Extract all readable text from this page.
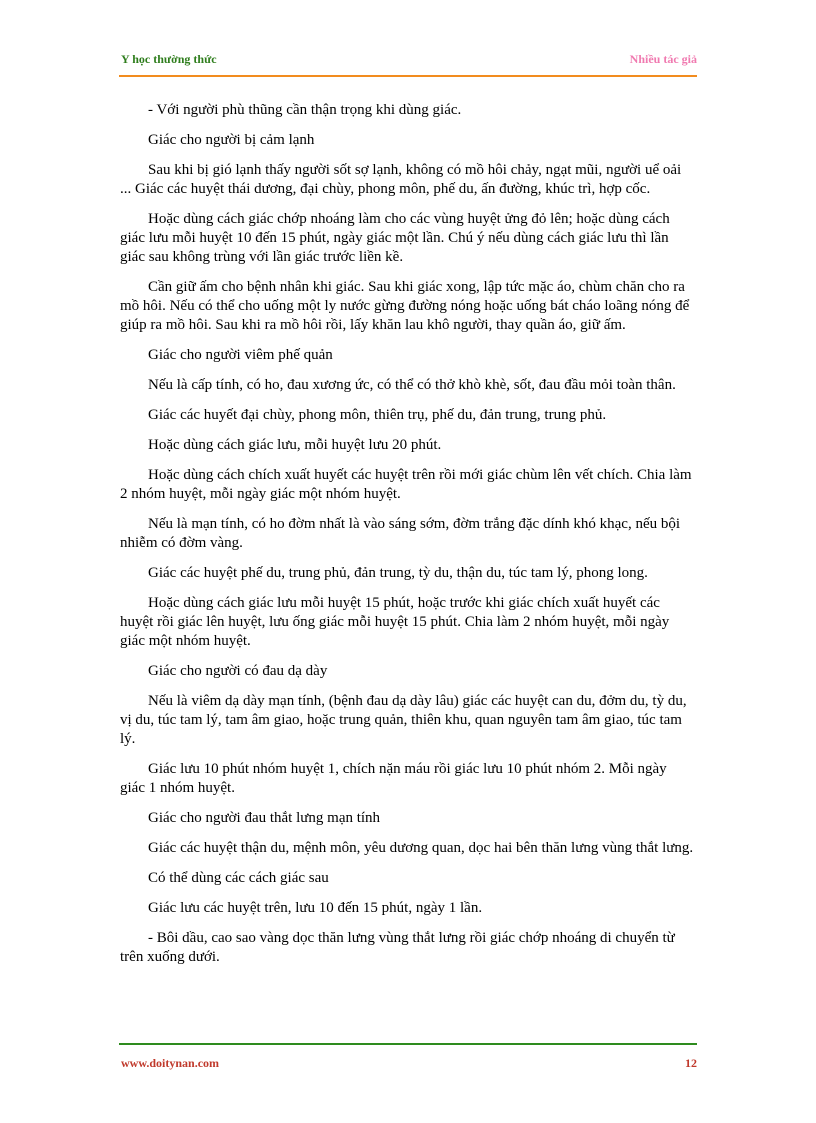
Y học thường thức	Nhiều tác giả

- Với người phù thũng cần thận trọng khi dùng giác.

Giác cho người bị cảm lạnh

Sau khi bị gió lạnh thấy người sốt sợ lạnh, không có mồ hôi chảy, ngạt mũi, người uể oải ... Giác các huyệt thái dương, đại chùy, phong môn, phế du, ấn đường, khúc trì, hợp cốc.

Hoặc dùng cách giác chớp nhoáng làm cho các vùng huyệt ửng đỏ lên; hoặc dùng cách giác lưu mỗi huyệt 10 đến 15 phút, ngày giác một lần. Chú ý nếu dùng cách giác lưu thì lần giác sau không trùng với lần giác trước liền kề.

Cần giữ ấm cho bệnh nhân khi giác. Sau khi giác xong, lập tức mặc áo, chùm chăn cho ra mồ hôi. Nếu có thể cho uống một ly nước gừng đường nóng hoặc uống bát cháo loãng nóng để giúp ra mồ hôi. Sau khi ra mồ hôi rồi, lấy khăn lau khô người, thay quần áo, giữ ấm.

Giác cho người viêm phế quản

Nếu là cấp tính, có ho, đau xương ức, có thể có thở khò khè, sốt, đau đầu mỏi toàn thân.

Giác các huyết đại chùy, phong môn, thiên trụ, phế du, đản trung, trung phủ.

Hoặc dùng cách giác lưu, mỗi huyệt lưu 20 phút.

Hoặc dùng cách chích xuất huyết các huyệt trên rồi mới giác chùm lên vết chích. Chia làm 2 nhóm huyệt, mỗi ngày giác một nhóm huyệt.

Nếu là mạn tính, có ho đờm nhất là vào sáng sớm, đờm trắng đặc dính khó khạc, nếu bội nhiễm có đờm vàng.

Giác các huyệt phế du, trung phủ, đản trung, tỳ du, thận du, túc tam lý, phong long.

Hoặc dùng cách giác lưu mỗi huyệt 15 phút, hoặc trước khi giác chích xuất huyết các huyệt rồi giác lên huyệt, lưu ống giác mỗi huyệt 15 phút. Chia làm 2 nhóm huyệt, mỗi ngày giác một nhóm huyệt.

Giác cho người có đau dạ dày

Nếu là viêm dạ dày mạn tính, (bệnh đau dạ dày lâu) giác các huyệt can du, đởm du, tỳ du, vị du, túc tam lý, tam âm giao, hoặc trung quản, thiên khu, quan nguyên tam âm giao, túc tam lý.

Giác lưu 10 phút nhóm huyệt 1, chích nặn máu rồi giác lưu 10 phút nhóm 2. Mỗi ngày giác 1 nhóm huyệt.

Giác cho người đau thắt lưng mạn tính

Giác các huyệt thận du, mệnh môn, yêu dương quan, dọc hai bên thăn lưng vùng thắt lưng.

Có thể dùng các cách giác sau

Giác lưu các huyệt trên, lưu 10 đến 15 phút, ngày 1 lần.

- Bôi dầu, cao sao vàng dọc thăn lưng vùng thắt lưng rồi giác chớp nhoáng di chuyển từ trên xuống dưới.

www.doitynan.com	12
